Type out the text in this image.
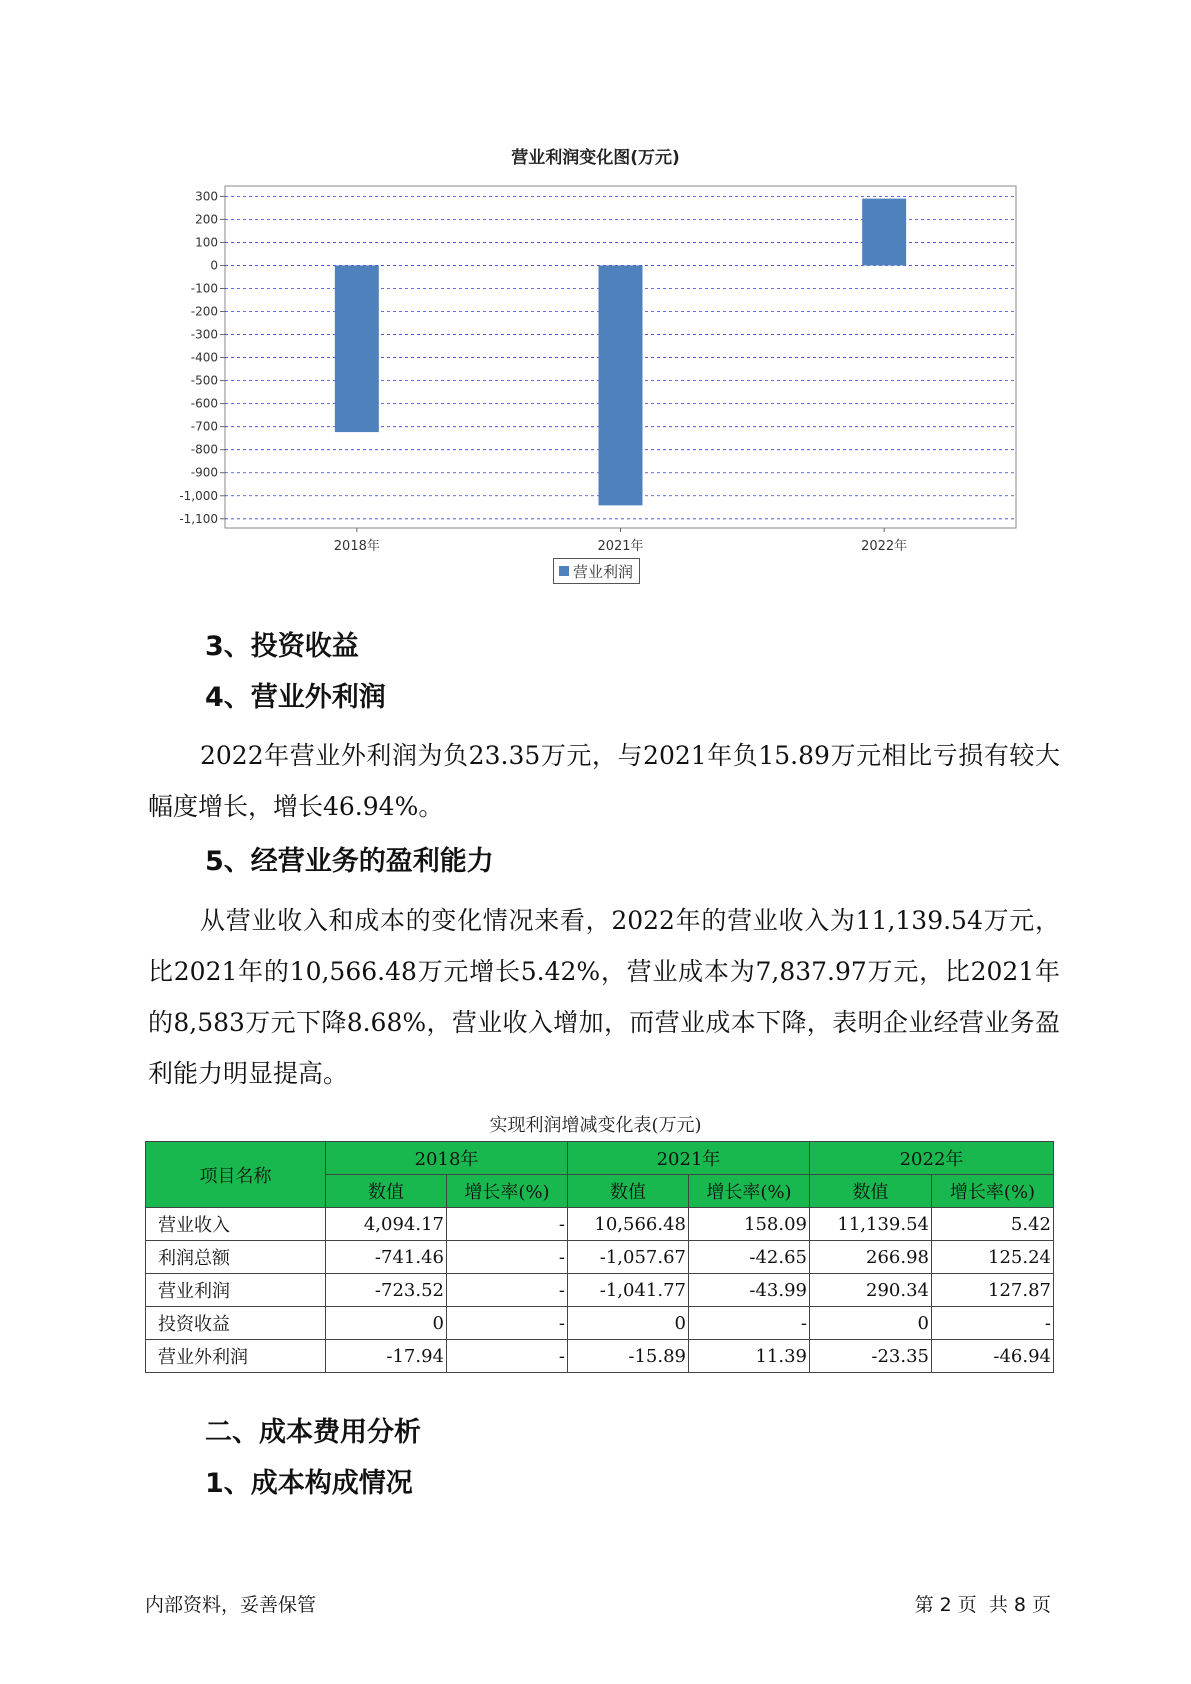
营业利润变化图(万元)
300
200
100
0
-100
-200
-300
-400
-500
-600
-700
-800
-900
-1,000
-1,100
2018年	2021年	2022年
营业利润
3、投资收益
4、营业外利润
2022年营业外利润为负23.35万元，与2021年负15.89万元相比亏损有较大幅度增长，增长46.94%。
5、经营业务的盈利能力
从营业收入和成本的变化情况来看，2022年的营业收入为11,139.54万元，比2021年的10,566.48万元增长5.42%，营业成本为7,837.97万元，比2021年的8,583万元下降8.68%，营业收入增加，而营业成本下降，表明企业经营业务盈利能力明显提高。
实现利润增减变化表(万元)
项目名称	2018年		2021年		2022年	
	数值	增长率(%)	数值	增长率(%)	数值	增长率(%)
营业收入	4,094.17	-	10,566.48	158.09	11,139.54	5.42
利润总额	-741.46	-	-1,057.67	-42.65	266.98	125.24
营业利润	-723.52	-	-1,041.77	-43.99	290.34	127.87
投资收益	0	-	0	-	0	-
营业外利润	-17.94	-	-15.89	11.39	-23.35	-46.94
二、成本费用分析
1、成本构成情况
内部资料，妥善保管	第 2 页  共 8 页
